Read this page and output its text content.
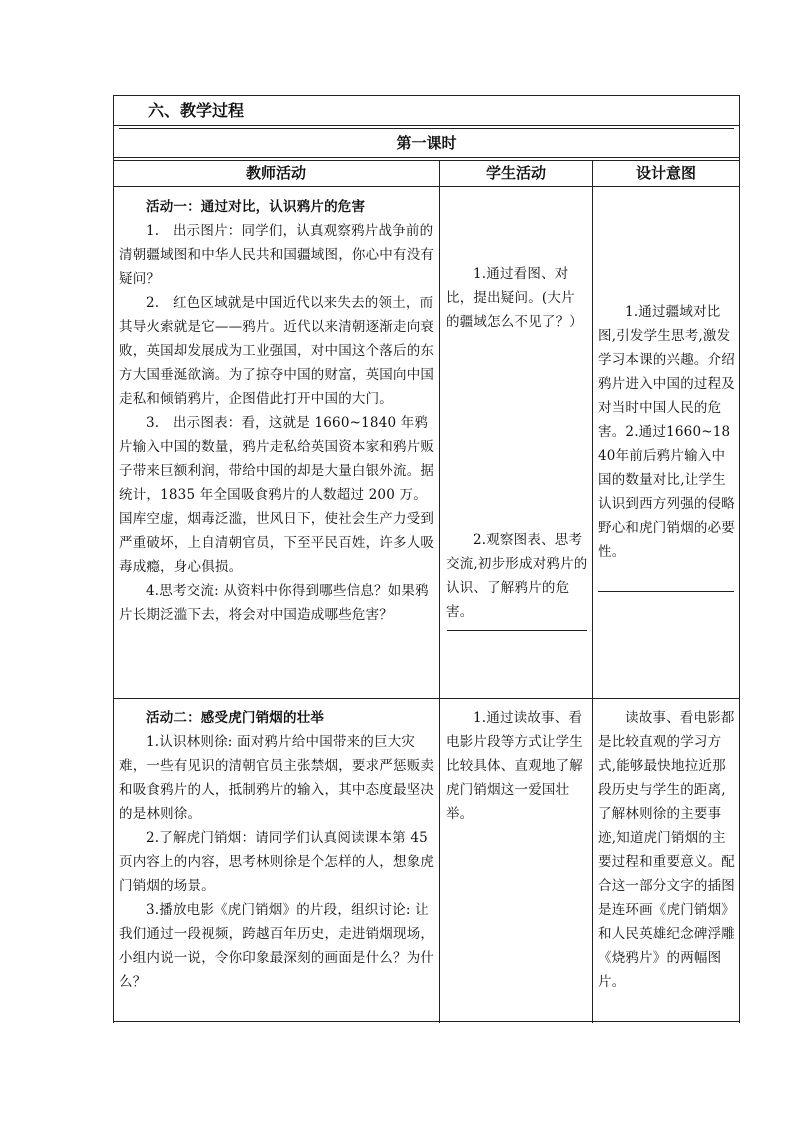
六、教学过程
第一课时
教师活动	学生活动	设计意图

活动一：通过对比，认识鸦片的危害

1.　出示图片：同学们，认真观察鸦片战争前的清朝疆域图和中华人民共和国疆域图，你心中有没有疑问？

2.　红色区域就是中国近代以来失去的领土，而其导火索就是它——鸦片。近代以来清朝逐渐走向衰败，英国却发展成为工业强国，对中国这个落后的东方大国垂涎欲滴。为了掠夺中国的财富，英国向中国走私和倾销鸦片，企图借此打开中国的大门。

3.　出示图表：看，这就是 1660~1840 年鸦片输入中国的数量，鸦片走私给英国资本家和鸦片贩子带来巨额利润，带给中国的却是大量白银外流。据统计，1835 年全国吸食鸦片的人数超过 200 万。国库空虚，烟毒泛滥，世风日下，使社会生产力受到严重破坏，上自清朝官员，下至平民百姓，许多人吸毒成瘾，身心俱损。

4.思考交流: 从资料中你得到哪些信息？如果鸦片长期泛滥下去，将会对中国造成哪些危害？

1.通过看图、对比，提出疑问。(大片的疆域怎么不见了？）

2.观察图表、思考交流,初步形成对鸦片的认识、了解鸦片的危害。

1.通过疆域对比图,引发学生思考,激发学习本课的兴趣。介绍鸦片进入中国的过程及对当时中国人民的危害。2.通过1660~1840年前后鸦片输入中国的数量对比,让学生认识到西方列强的侵略野心和虎门销烟的必要性。

活动二：感受虎门销烟的壮举

1.认识林则徐: 面对鸦片给中国带来的巨大灾难，一些有见识的清朝官员主张禁烟，要求严惩贩卖和吸食鸦片的人，抵制鸦片的输入，其中态度最坚决的是林则徐。

2.了解虎门销烟：请同学们认真阅读课本第 45 页内容上的内容，思考林则徐是个怎样的人，想象虎门销烟的场景。

3.播放电影《虎门销烟》的片段，组织讨论: 让我们通过一段视频，跨越百年历史，走进销烟现场，小组内说一说，令你印象最深刻的画面是什么？为什么？

1.通过读故事、看电影片段等方式让学生比较具体、直观地了解虎门销烟这一爱国壮举。

读故事、看电影都是比较直观的学习方式,能够最快地拉近那段历史与学生的距离,了解林则徐的主要事迹,知道虎门销烟的主要过程和重要意义。配合这一部分文字的插图是连环画《虎门销烟》和人民英雄纪念碑浮雕《烧鸦片》的两幅图片。
